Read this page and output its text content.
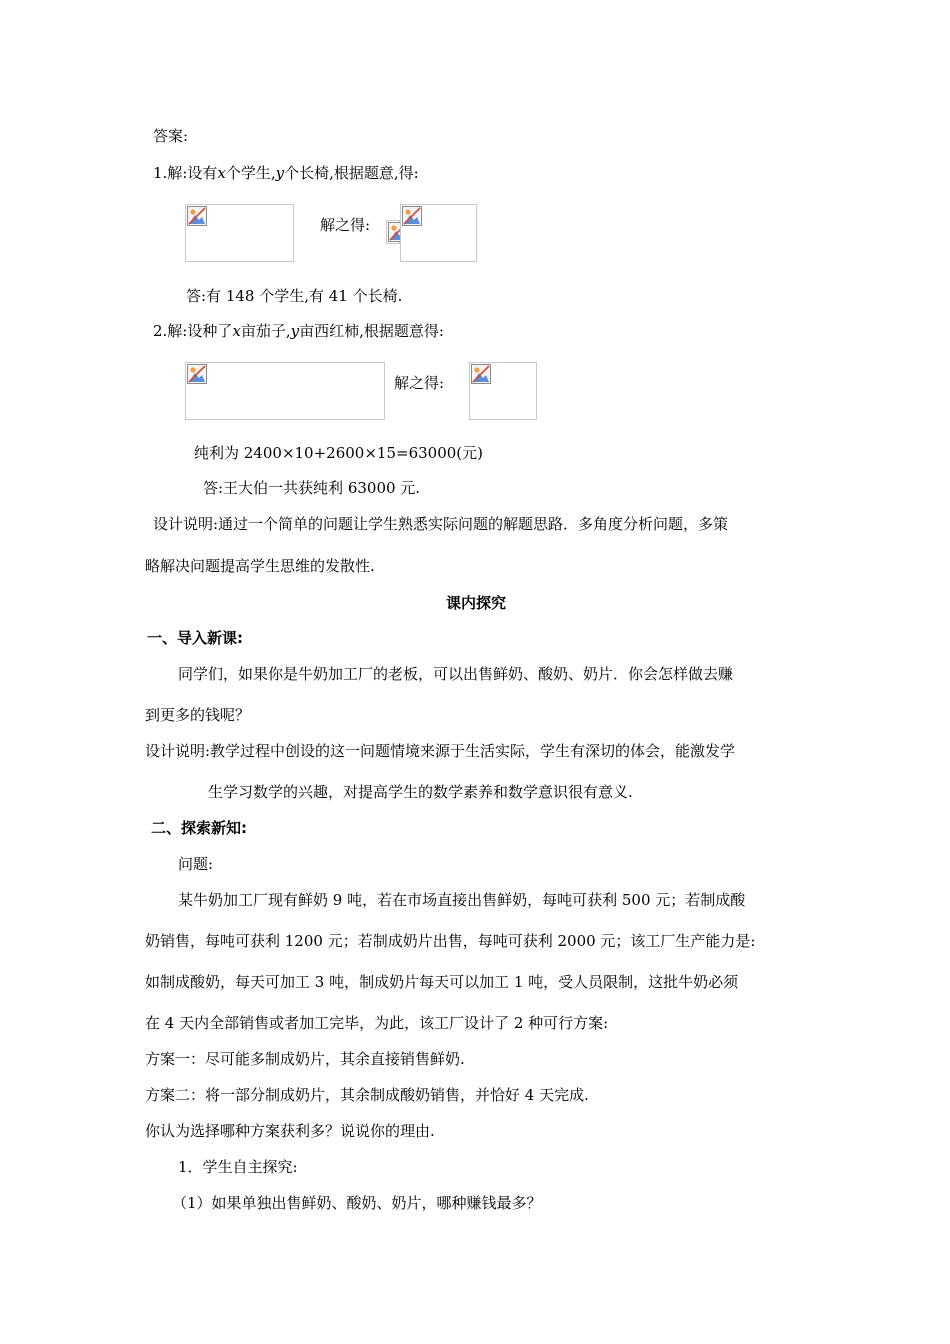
答案:
1.解:设有x个学生,y个长椅,根据题意,得:
解之得:
答:有 148 个学生,有 41 个长椅.
2.解:设种了x亩茄子,y亩西红柿,根据题意得:
解之得:
纯利为 2400×10+2600×15=63000(元)
答:王大伯一共获纯利 63000 元.
设计说明:通过一个简单的问题让学生熟悉实际问题的解题思路．多角度分析问题，多策
略解决问题提高学生思维的发散性.
课内探究
一、导入新课:
同学们，如果你是牛奶加工厂的老板，可以出售鲜奶、酸奶、奶片．你会怎样做去赚
到更多的钱呢？
设计说明:教学过程中创设的这一问题情境来源于生活实际，学生有深切的体会，能激发学
生学习数学的兴趣，对提高学生的数学素养和数学意识很有意义.
二、探索新知:
问题:
某牛奶加工厂现有鲜奶 9 吨，若在市场直接出售鲜奶，每吨可获利 500 元；若制成酸
奶销售，每吨可获利 1200 元；若制成奶片出售，每吨可获利 2000 元；该工厂生产能力是:
如制成酸奶，每天可加工 3 吨，制成奶片每天可以加工 1 吨，受人员限制，这批牛奶必须
在 4 天内全部销售或者加工完毕，为此，该工厂设计了 2 种可行方案:
方案一：尽可能多制成奶片，其余直接销售鲜奶.
方案二：将一部分制成奶片，其余制成酸奶销售，并恰好 4 天完成.
你认为选择哪种方案获利多？说说你的理由.
1．学生自主探究:
（1）如果单独出售鲜奶、酸奶、奶片，哪种赚钱最多？
